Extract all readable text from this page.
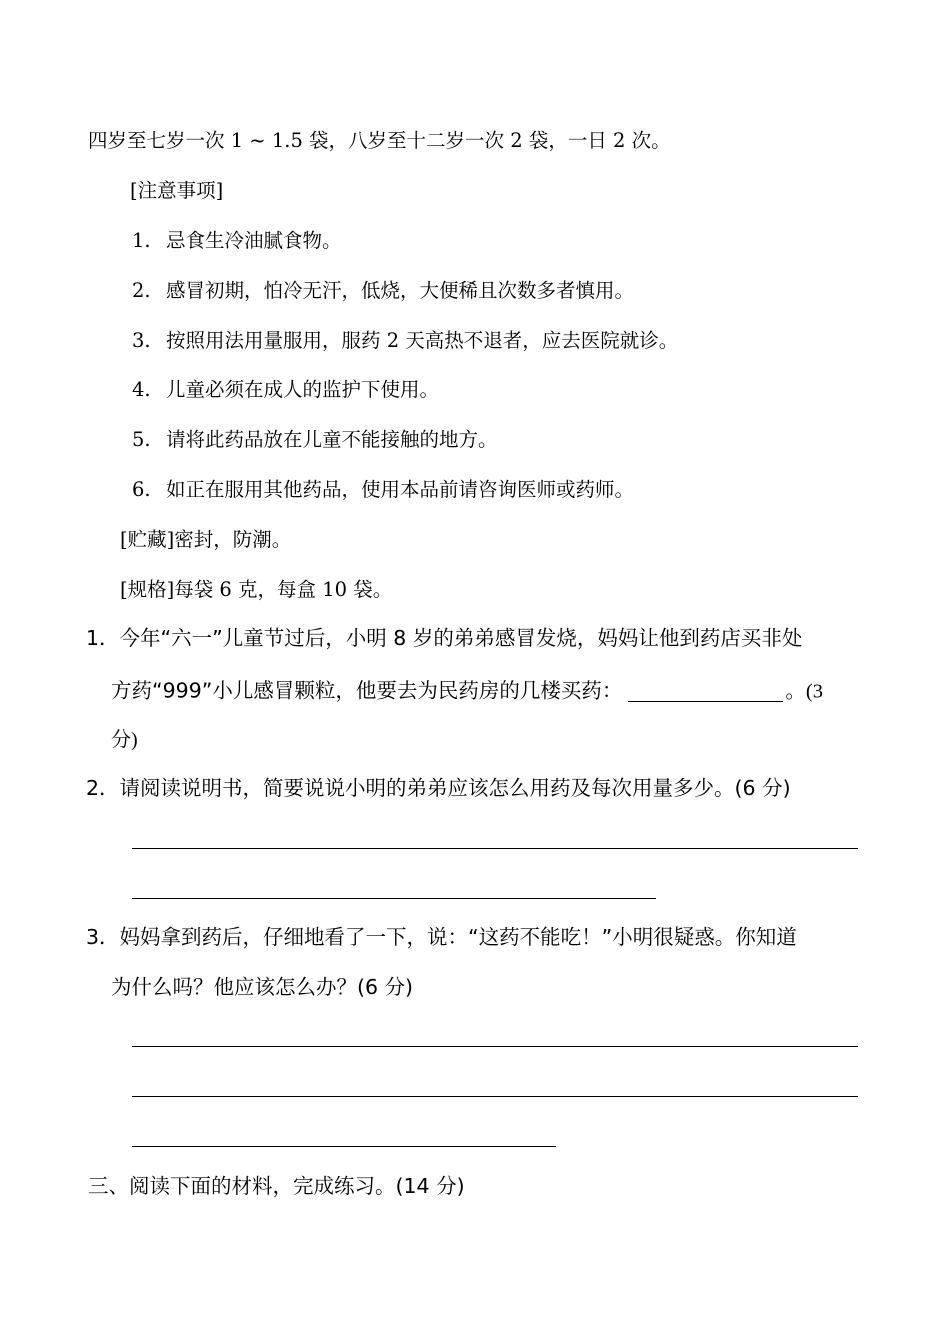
四岁至七岁一次 1 ~ 1.5 袋，八岁至十二岁一次 2 袋，一日 2 次。
[注意事项]
1. 忌食生冷油腻食物。
2. 感冒初期，怕冷无汗，低烧，大便稀且次数多者慎用。
3. 按照用法用量服用，服药 2 天高热不退者，应去医院就诊。
4. 儿童必须在成人的监护下使用。
5. 请将此药品放在儿童不能接触的地方。
6. 如正在服用其他药品，使用本品前请咨询医师或药师。
[贮藏]密封，防潮。
[规格]每袋 6 克，每盒 10 袋。
1．今年“六一”儿童节过后，小明 8 岁的弟弟感冒发烧，妈妈让他到药店买非处
方药“999”小儿感冒颗粒，他要去为民药房的几楼买药：	。(3
分)
2．请阅读说明书，简要说说小明的弟弟应该怎么用药及每次用量多少。(6 分)
3．妈妈拿到药后，仔细地看了一下，说：“这药不能吃！”小明很疑惑。你知道
为什么吗？他应该怎么办？(6 分)
三、阅读下面的材料，完成练习。(14 分)
